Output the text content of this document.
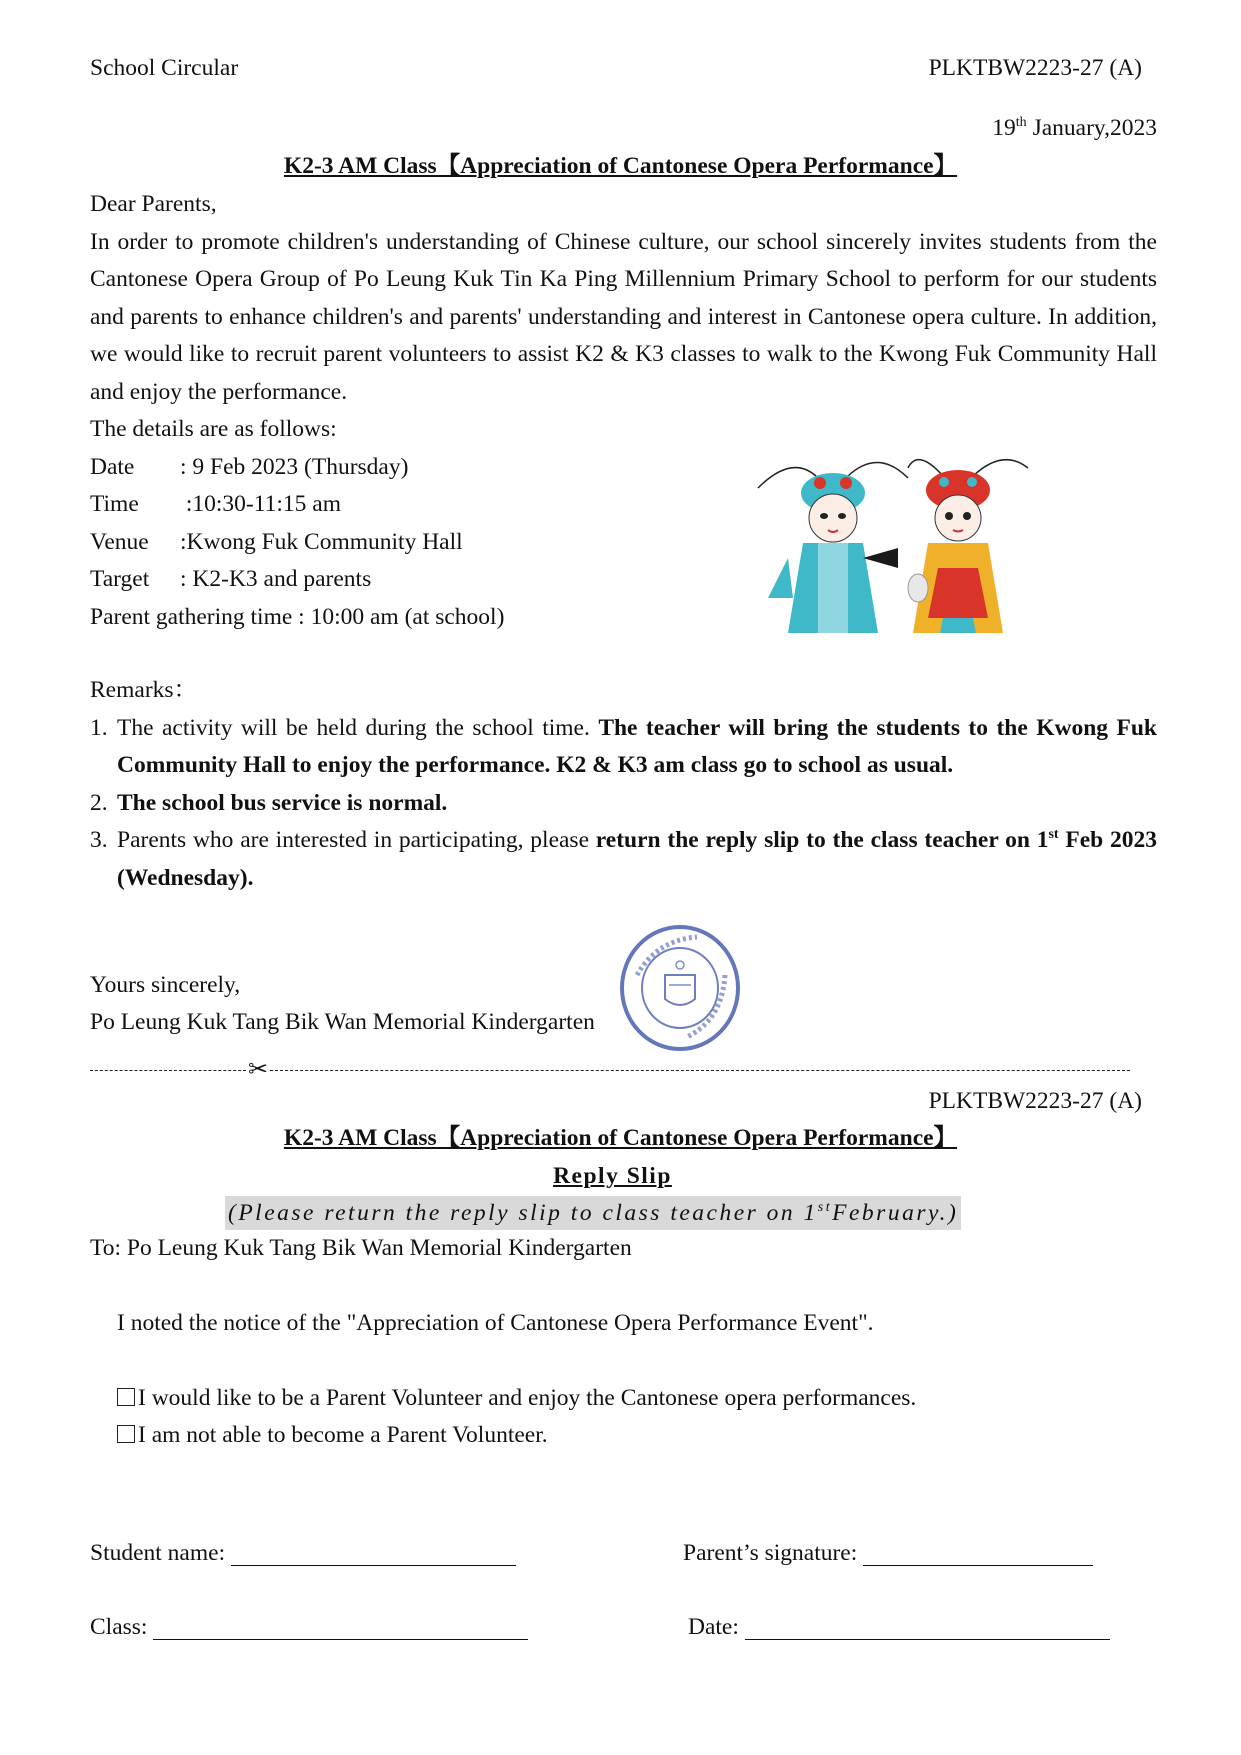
School Circular	PLKTBW2223-27 (A)
19th January,2023
K2-3 AM Class【Appreciation of Cantonese Opera Performance】

Dear Parents,

In order to promote children's understanding of Chinese culture, our school sincerely invites students from the Cantonese Opera Group of Po Leung Kuk Tin Ka Ping Millennium Primary School to perform for our students and parents to enhance children's and parents' understanding and interest in Cantonese opera culture. In addition, we would like to recruit parent volunteers to assist K2 & K3 classes to walk to the Kwong Fuk Community Hall and enjoy the performance.

The details are as follows:

Date	: 9 Feb 2023 (Thursday)
Time	:10:30-11:15 am
Venue	:Kwong Fuk Community Hall
Target	: K2-K3 and parents

Parent gathering time : 10:00 am (at school)

Remarks：

1. The activity will be held during the school time. The teacher will bring the students to the Kwong Fuk Community Hall to enjoy the performance. K2 & K3 am class go to school as usual.
2. The school bus service is normal.
3. Parents who are interested in participating, please return the reply slip to the class teacher on 1st Feb 2023 (Wednesday).
Yours sincerely,
Po Leung Kuk Tang Bik Wan Memorial Kindergarten
✂
PLKTBW2223-27 (A)
K2-3 AM Class【Appreciation of Cantonese Opera Performance】
Reply Slip
(Please return the reply slip to class teacher on 1stFebruary.)
To: Po Leung Kuk Tang Bik Wan Memorial Kindergarten
I noted the notice of the "Appreciation of Cantonese Opera Performance Event".
I would like to be a Parent Volunteer and enjoy the Cantonese opera performances.
I am not able to become a Parent Volunteer.
Student name:	Parent’s signature:
Class:	Date:
